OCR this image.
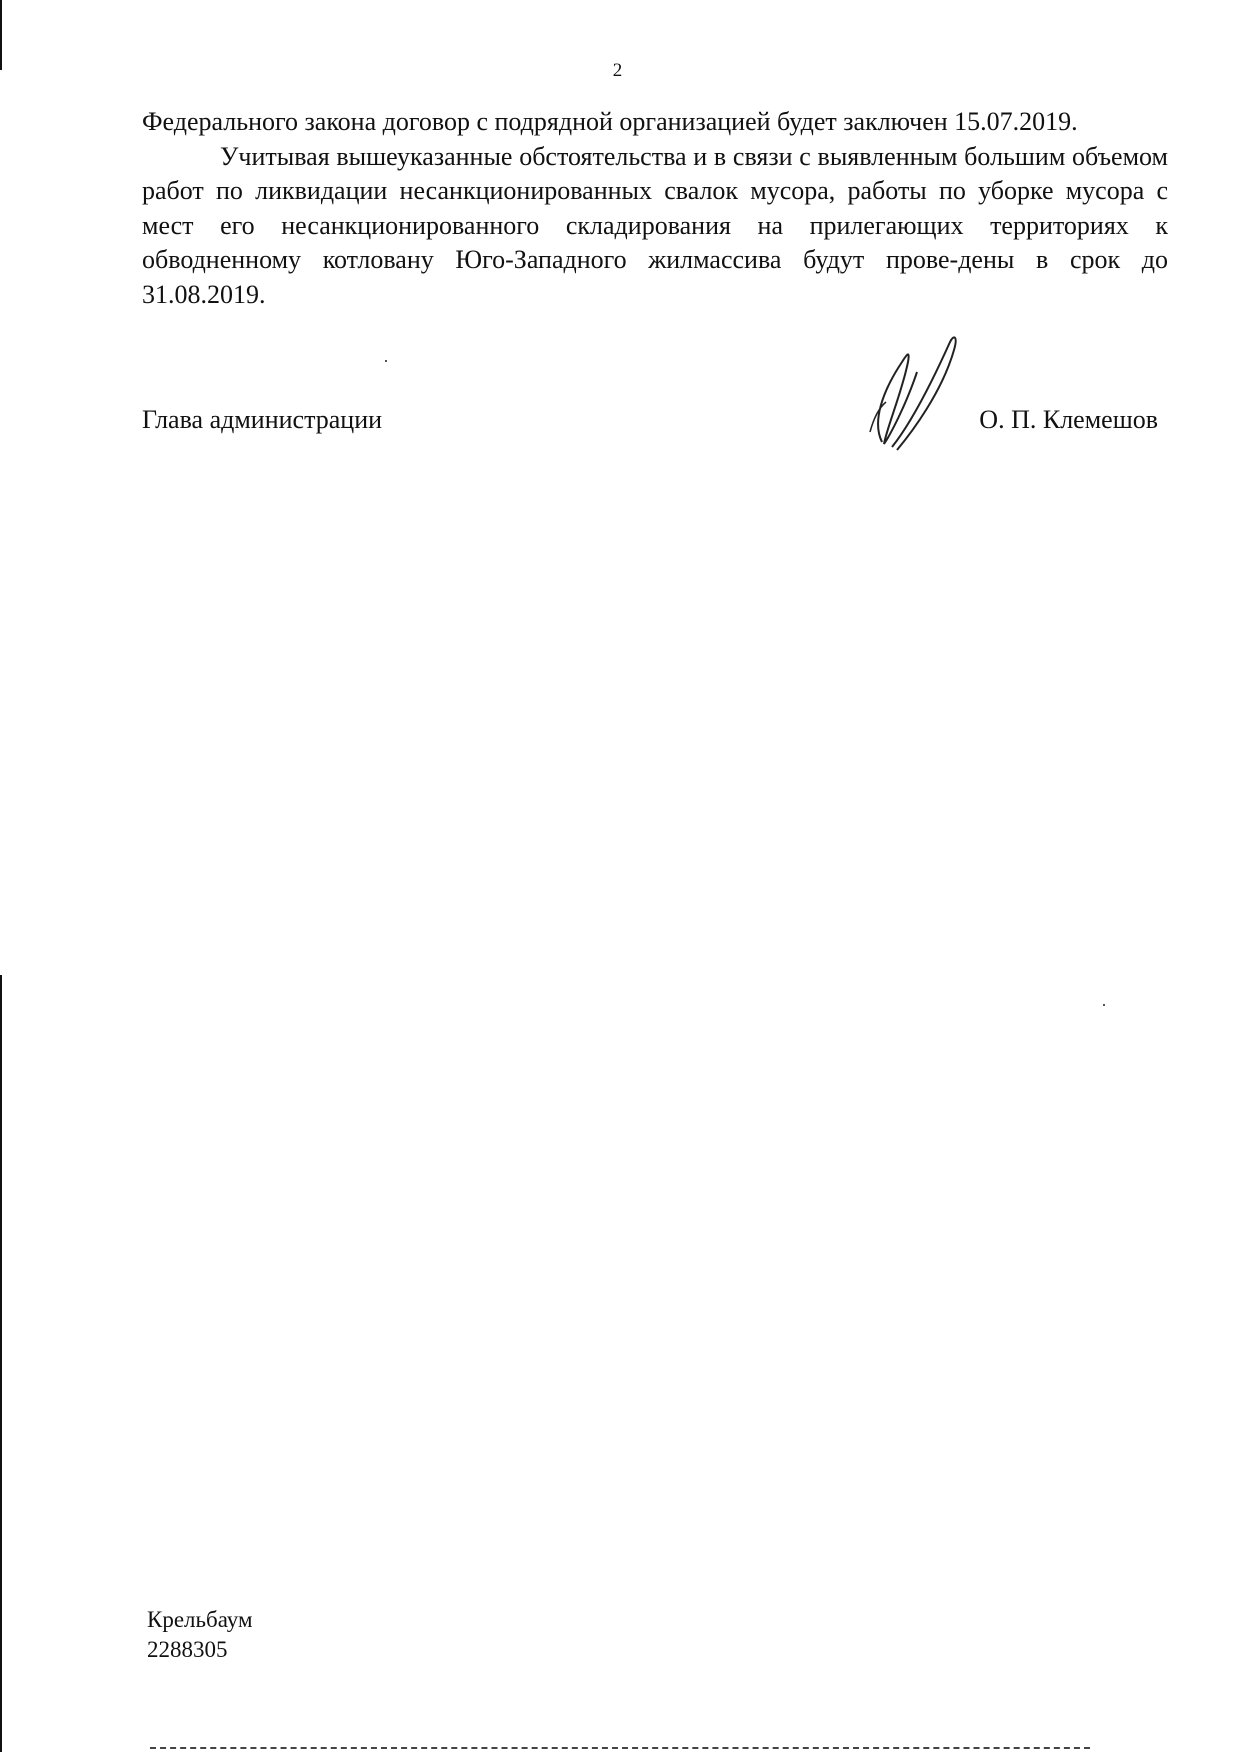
2

Федерального закона договор с подрядной организацией будет заключен 15.07.2019.

Учитывая вышеуказанные обстоятельства и в связи с выявленным большим объемом работ по ликвидации несанкционированных свалок мусора, работы по уборке мусора с мест его несанкционированного складирования на прилегающих территориях к обводненному котловану Юго-Западного жилмассива будут прове-дены в срок до 31.08.2019.

Глава администрации	О. П. Клемешов
Крельбаум
2288305
